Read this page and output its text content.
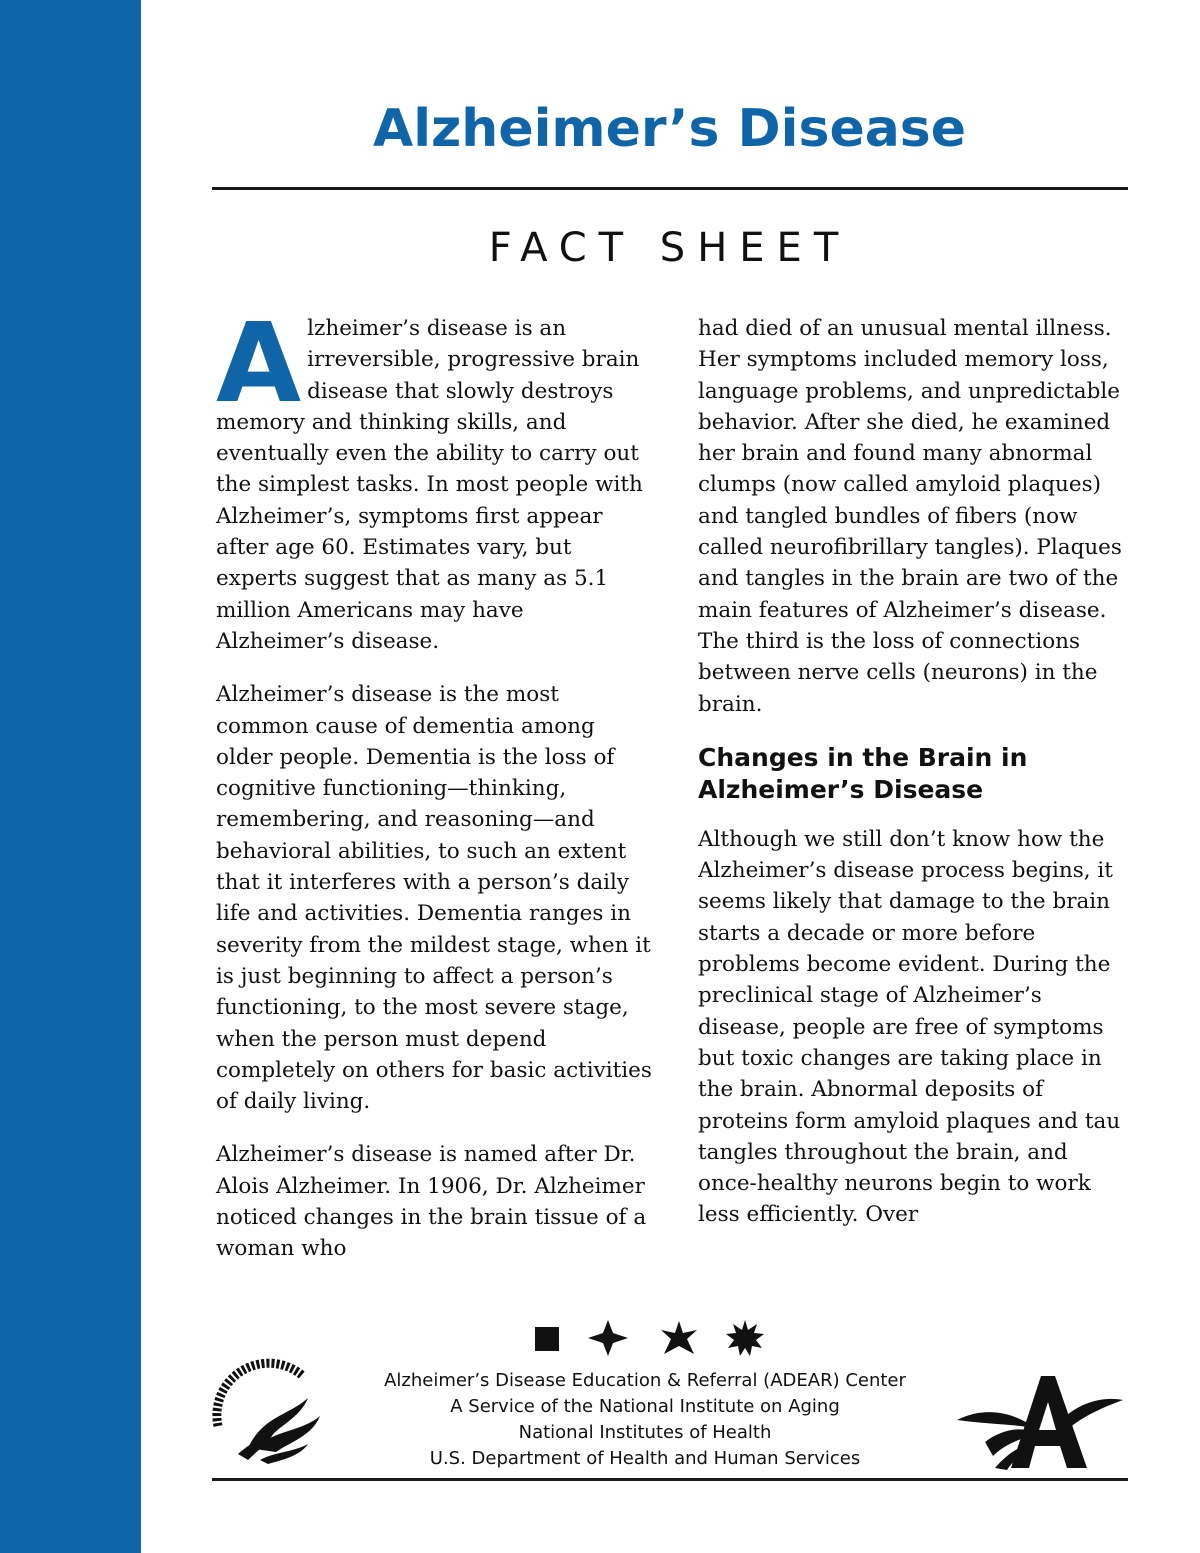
Alzheimer’s Disease
FACT SHEET

Alzheimer’s disease is an irreversible, progressive brain disease that slowly destroys memory and thinking skills, and eventually even the ability to carry out the simplest tasks. In most people with Alzheimer’s, symptoms first appear after age 60. Estimates vary, but experts suggest that as many as 5.1 million Americans may have Alzheimer’s disease.

Alzheimer’s disease is the most common cause of dementia among older people. Dementia is the loss of cognitive functioning—thinking, remembering, and reasoning—and behavioral abilities, to such an extent that it interferes with a person’s daily life and activities. Dementia ranges in severity from the mildest stage, when it is just beginning to affect a person’s functioning, to the most severe stage, when the person must depend completely on others for basic activities of daily living.

Alzheimer’s disease is named after Dr. Alois Alzheimer. In 1906, Dr. Alzheimer noticed changes in the brain tissue of a woman who

had died of an unusual mental illness. Her symptoms included memory loss, language problems, and unpredictable behavior. After she died, he examined her brain and found many abnormal clumps (now called amyloid plaques) and tangled bundles of fibers (now called neurofibrillary tangles). Plaques and tangles in the brain are two of the main features of Alzheimer’s disease. The third is the loss of connections between nerve cells (neurons) in the brain.

Changes in the Brain in Alzheimer’s Disease

Although we still don’t know how the Alzheimer’s disease process begins, it seems likely that damage to the brain starts a decade or more before problems become evident. During the preclinical stage of Alzheimer’s disease, people are free of symptoms but toxic changes are taking place in the brain. Abnormal deposits of proteins form amyloid plaques and tau tangles throughout the brain, and once-healthy neurons begin to work less efficiently. Over

Alzheimer’s Disease Education & Referral (ADEAR) Center
A Service of the National Institute on Aging
National Institutes of Health
U.S. Department of Health and Human Services
